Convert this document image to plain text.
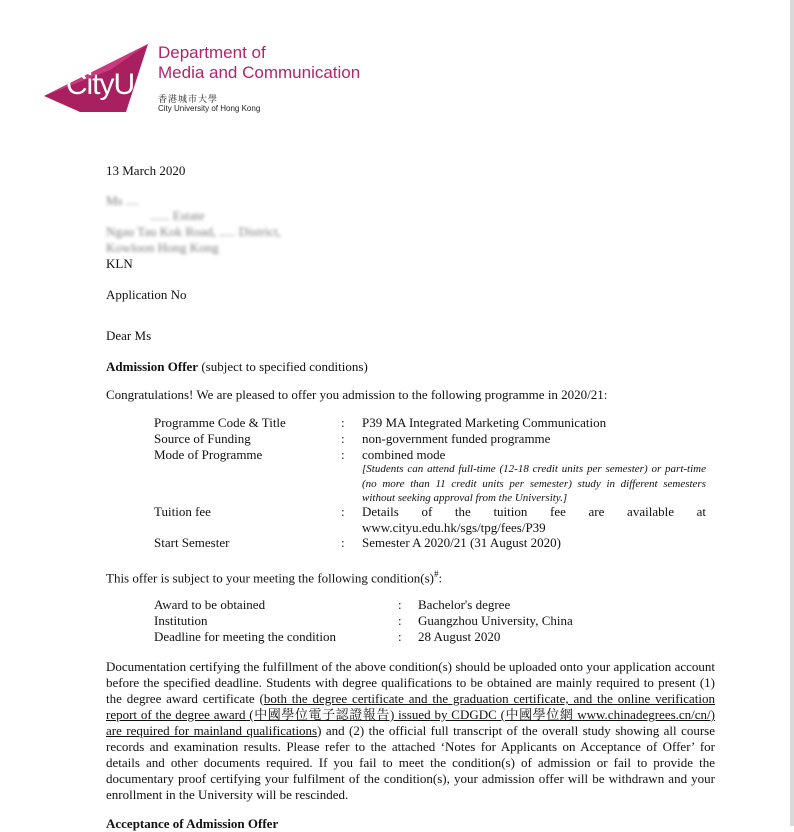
CityU
Department of
Media and Communication
香港城市大學
City University of Hong Kong
13 March 2020
Ms ....
...... Estate
Ngau Tau Kok Road, ..... District,
Kowloon Hong Kong
KLN
Application No
Dear Ms
Admission Offer (subject to specified conditions)
Congratulations! We are pleased to offer you admission to the following programme in 2020/21:
Programme Code & Title	: P39 MA Integrated Marketing Communication
Source of Funding	: non-government funded programme
Mode of Programme	: combined mode
[Students can attend full-time (12-18 credit units per semester) or part-time (no more than 11 credit units per semester) study in different semesters without seeking approval from the University.]
Tuition fee	: Details of the tuition fee are available at www.cityu.edu.hk/sgs/tpg/fees/P39
Start Semester	: Semester A 2020/21 (31 August 2020)
This offer is subject to your meeting the following condition(s)#:
Award to be obtained	: Bachelor's degree
Institution	: Guangzhou University, China
Deadline for meeting the condition	: 28 August 2020
Documentation certifying the fulfillment of the above condition(s) should be uploaded onto your application account before the specified deadline. Students with degree qualifications to be obtained are mainly required to present (1) the degree award certificate (both the degree certificate and the graduation certificate, and the online verification report of the degree award (中國學位電子認證報告) issued by CDGDC (中國學位網 www.chinadegrees.cn/cn/) are required for mainland qualifications) and (2) the official full transcript of the overall study showing all course records and examination results. Please refer to the attached ‘Notes for Applicants on Acceptance of Offer’ for details and other documents required. If you fail to meet the condition(s) of admission or fail to provide the documentary proof certifying your fulfilment of the condition(s), your admission offer will be withdrawn and your enrollment in the University will be rescinded.
Acceptance of Admission Offer
